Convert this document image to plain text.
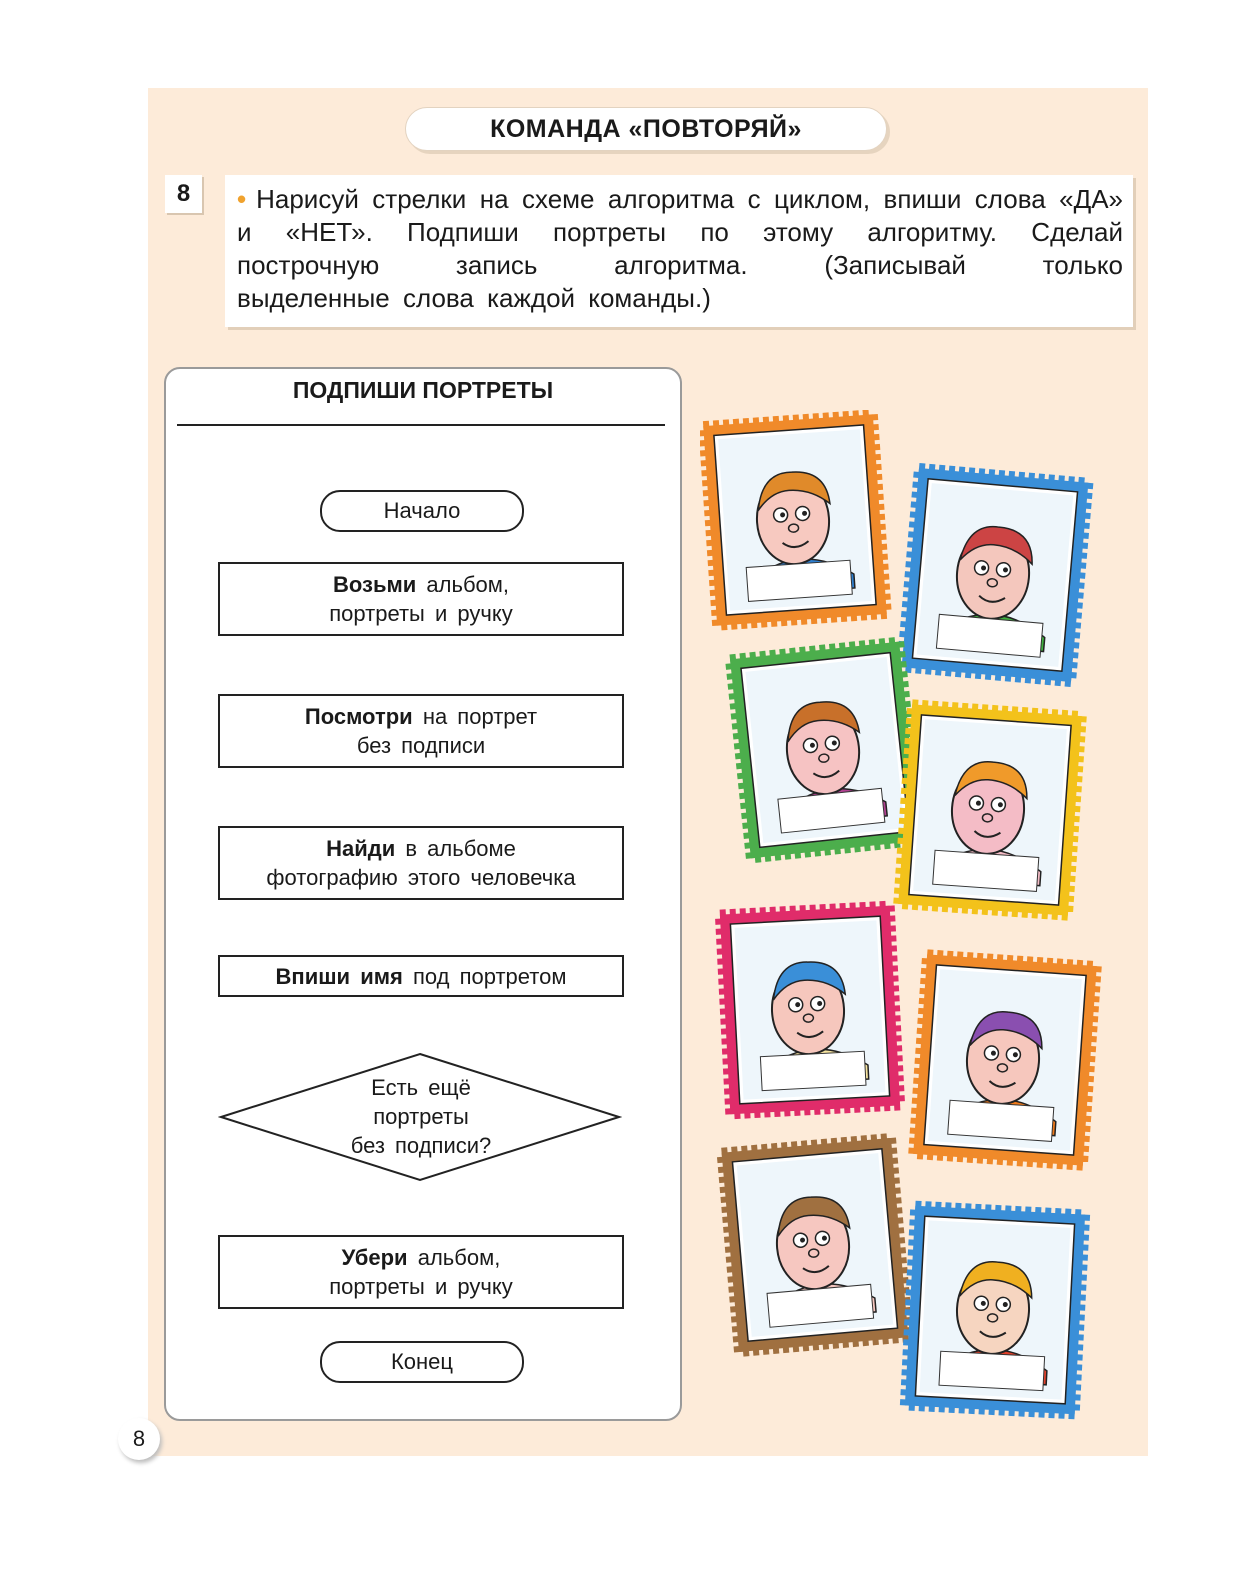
КОМАНДА «ПОВТОРЯЙ»
8	• Нарисуй стрелки на схеме алгоритма с циклом, впиши слова «ДА» и «НЕТ». Подпиши портреты по этому алгоритму. Сделай построчную запись алгоритма. (Записывай только
выделенные слова каждой команды.)
ПОДПИШИ ПОРТРЕТЫ
Начало
Возьми альбом,
портреты и ручку
Посмотри на портрет
без подписи
Найди в альбоме
фотографию этого человечка
Впиши имя под портретом
Есть ещё
портреты
без подписи?
Убери альбом,
портреты и ручку
Конец
8
